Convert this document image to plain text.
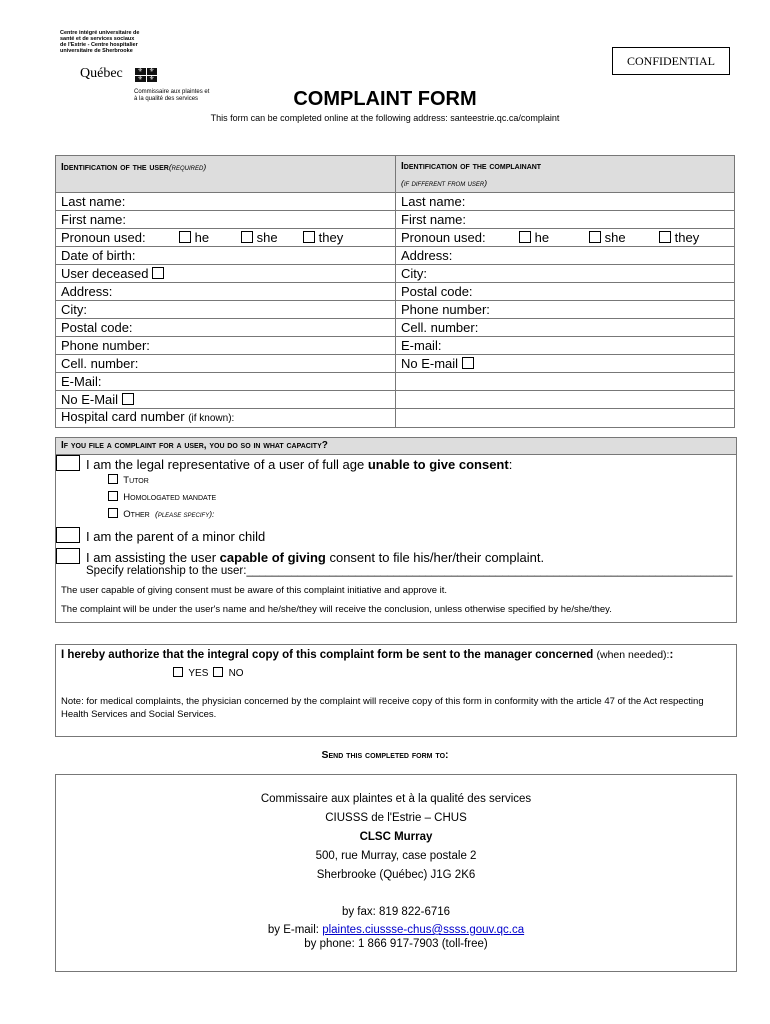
Centre intégré universitaire de santé et de services sociaux de l'Estrie - Centre hospitalier universitaire de Sherbrooke
Québec	⚜	⚜
⚜	⚜
Commissaire aux plaintes et à la qualité des services
CONFIDENTIAL
COMPLAINT FORM
This form can be completed online at the following address: santeestrie.qc.ca/complaint
Identification of the user(required)	Identification of the complainant
(if different from user)
Last name:	Last name:
First name:	First name:

Pronoun used: he she they	Pronoun used: he she they

Date of birth:	Address:
User deceased	City:
Address:	Postal code:
City:	Phone number:
Postal code:	Cell. number:
Phone number:	E-mail:
Cell. number:	No E-mail
E-Mail:	
No E-Mail	
Hospital card number (if known):	
If you file a complaint for a user, you do so in what capacity?
I am the legal representative of a user of full age unable to give consent:
Tutor
Homologated mandate
Other (please specify):
I am the parent of a minor child
I am assisting the user capable of giving consent to file his/her/their complaint.
Specify relationship to the user:____________________________________________________________________________
The user capable of giving consent must be aware of this complaint initiative and approve it.
The complaint will be under the user's name and he/she/they will receive the conclusion, unless otherwise specified by he/she/they.
I hereby authorize that the integral copy of this complaint form be sent to the manager concerned (when needed)::
YES	NO
Note: for medical complaints, the physician concerned by the complaint will receive copy of this form in conformity with the article 47 of the Act respecting Health Services and Social Services.
Send this completed form to:
Commissaire aux plaintes et à la qualité des services
CIUSSS de l'Estrie – CHUS
CLSC Murray
500, rue Murray, case postale 2
Sherbrooke (Québec) J1G 2K6
by fax: 819 822-6716
by E-mail: plaintes.ciussse-chus@ssss.gouv.qc.ca
by phone: 1 866 917-7903 (toll-free)
